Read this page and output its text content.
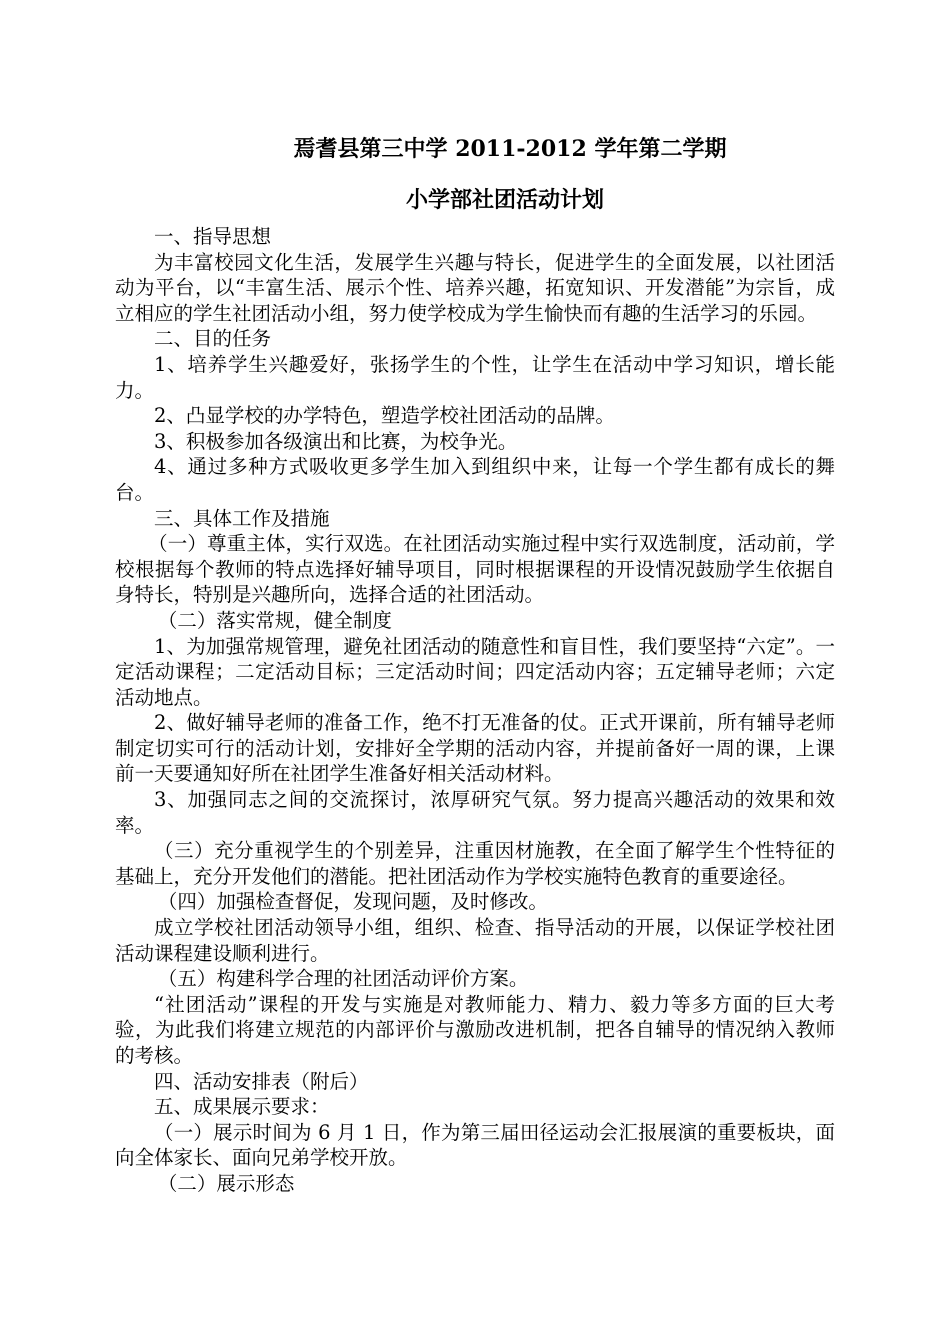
焉耆县第三中学 2011-2012 学年第二学期
小学部社团活动计划

一、指导思想

为丰富校园文化生活，发展学生兴趣与特长，促进学生的全面发展，以社团活动为平台，以“丰富生活、展示个性、培养兴趣，拓宽知识、开发潜能”为宗旨，成立相应的学生社团活动小组，努力使学校成为学生愉快而有趣的生活学习的乐园。

二、目的任务

1、培养学生兴趣爱好，张扬学生的个性，让学生在活动中学习知识，增长能力。

2、凸显学校的办学特色，塑造学校社团活动的品牌。

3、积极参加各级演出和比赛，为校争光。

4、通过多种方式吸收更多学生加入到组织中来，让每一个学生都有成长的舞台。

三、具体工作及措施

（一）尊重主体，实行双选。在社团活动实施过程中实行双选制度，活动前，学校根据每个教师的特点选择好辅导项目，同时根据课程的开设情况鼓励学生依据自身特长，特别是兴趣所向，选择合适的社团活动。

（二）落实常规，健全制度

1、为加强常规管理，避免社团活动的随意性和盲目性，我们要坚持“六定”。一定活动课程；二定活动目标；三定活动时间；四定活动内容；五定辅导老师；六定活动地点。

2、做好辅导老师的准备工作，绝不打无准备的仗。正式开课前，所有辅导老师制定切实可行的活动计划，安排好全学期的活动内容，并提前备好一周的课，上课前一天要通知好所在社团学生准备好相关活动材料。

3、加强同志之间的交流探讨，浓厚研究气氛。努力提高兴趣活动的效果和效率。

（三）充分重视学生的个别差异，注重因材施教，在全面了解学生个性特征的基础上，充分开发他们的潜能。把社团活动作为学校实施特色教育的重要途径。

（四）加强检查督促，发现问题，及时修改。

成立学校社团活动领导小组，组织、检查、指导活动的开展，以保证学校社团活动课程建设顺利进行。

（五）构建科学合理的社团活动评价方案。

“社团活动”课程的开发与实施是对教师能力、精力、毅力等多方面的巨大考验，为此我们将建立规范的内部评价与激励改进机制，把各自辅导的情况纳入教师的考核。

四、活动安排表（附后）

五、成果展示要求：

（一）展示时间为 6 月 1 日，作为第三届田径运动会汇报展演的重要板块，面向全体家长、面向兄弟学校开放。

（二）展示形态
